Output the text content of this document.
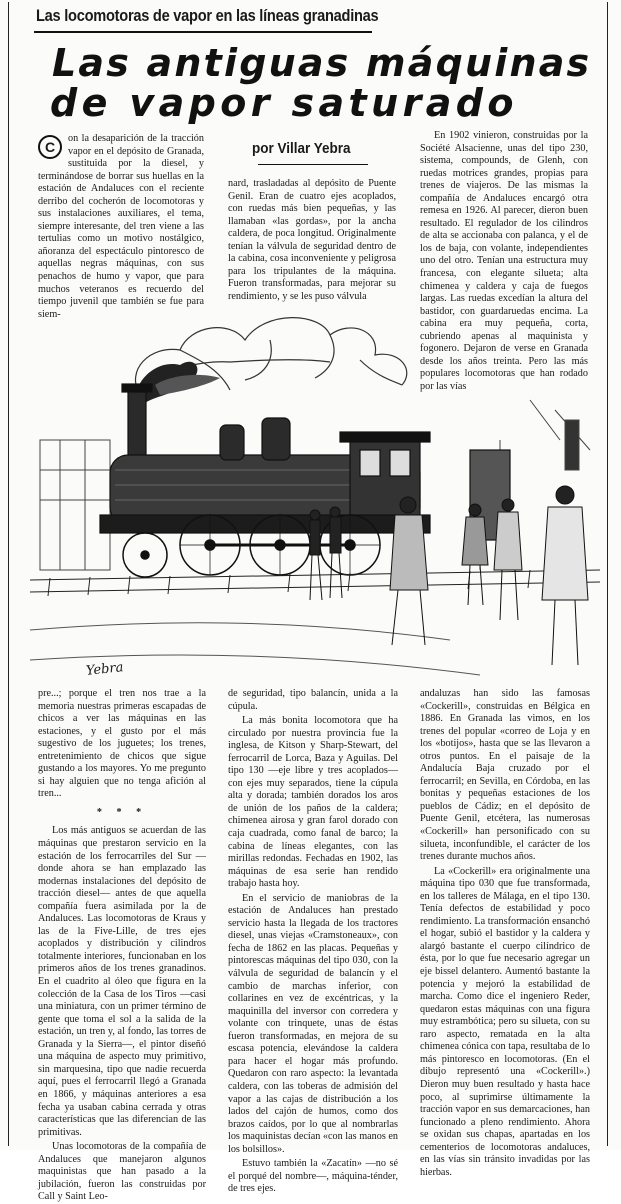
Las locomotoras de vapor en las líneas granadinas
Las antiguas máquinas
de vapor saturado

C
on la desaparición de la tracción vapor en el depósito de Granada, sustituida por la diesel, y terminándose de borrar sus huellas en la estación de Andaluces con el reciente derribo del cocherón de locomotoras y sus instalaciones auxiliares, el tema, siempre interesante, del tren viene a las tertulias como un motivo nostálgico, añoranza del espectáculo pintoresco de aquellas negras máquinas, con sus penachos de humo y vapor, que para muchos veteranos es recuerdo del tiempo juvenil que también se fue para siem-

por Villar Yebra

nard, trasladadas al depósito de Puente Genil. Eran de cuatro ejes acoplados, con ruedas más bien pequeñas, y las llamaban «las gordas», por la ancha caldera, de poca longitud. Originalmente tenían la válvula de seguridad dentro de la cabina, cosa inconveniente y peligrosa para los tripulantes de la máquina. Fueron transformadas, para mejorar su rendimiento, y se les puso válvula

En 1902 vinieron, construidas por la Société Alsacienne, unas del tipo 230, sistema, compounds, de Glenh, con ruedas motrices grandes, propias para trenes de viajeros. De las mismas la compañía de Andaluces encargó otra remesa en 1926. Al parecer, dieron buen resultado. El regulador de los cilindros de alta se accionaba con palanca, y el de los de baja, con volante, independientes uno del otro. Tenían una estructura muy francesa, con elegante silueta; alta chimenea y caldera y caja de fuegos largas. Las ruedas excedían la altura del bastidor, con guardaruedas encima. La cabina era muy pequeña, corta, cubriendo apenas al maquinista y fogonero. Dejaron de verse en Granada desde los años treinta. Pero las más populares locomotoras que han rodado por las vías

Yebra

pre...; porque el tren nos trae a la memoria nuestras primeras escapadas de chicos a ver las máquinas en las estaciones, y el gusto por el más sugestivo de los juguetes; los trenes, entretenimiento de chicos que sigue gustando a los mayores. Yo me pregunto si hay alguien que no tenga afición al tren...

* * *

Los más antiguos se acuerdan de las máquinas que prestaron servicio en la estación de los ferrocarriles del Sur —donde ahora se han emplazado las modernas instalaciones del depósito de tracción diesel— antes de que aquella compañía fuera asimilada por la de Andaluces. Las locomotoras de Kraus y las de la Five-Lille, de tres ejes acoplados y distribución y cilindros totalmente interiores, funcionaban en los primeros años de los trenes granadinos. En el cuadrito al óleo que figura en la colección de la Casa de los Tiros —casi una miniatura, con un primer término de gente que toma el sol a la salida de la estación, un tren y, al fondo, las torres de Granada y la Sierra—, el pintor diseñó una máquina de aspecto muy primitivo, sin marquesina, tipo que nadie recuerda aquí, pues el ferrocarril llegó a Granada en 1866, y máquinas anteriores a esa fecha ya usaban cabina cerrada y otras características que las diferencian de las primitivas.

Unas locomotoras de la compañía de Andaluces que manejaron algunos maquinistas que han pasado a la jubilación, fueron las construidas por Call y Saint Leo-

de seguridad, tipo balancín, unida a la cúpula.

La más bonita locomotora que ha circulado por nuestra provincia fue la inglesa, de Kitson y Sharp-Stewart, del ferrocarril de Lorca, Baza y Aguilas. Del tipo 130 —eje libre y tres acoplados— con ejes muy separados, tiene la cúpula alta y dorada; también dorados los aros de unión de los paños de la caldera; chimenea airosa y gran farol dorado con caja cuadrada, como fanal de barco; la cabina de líneas elegantes, con las mirillas redondas. Fechadas en 1902, las máquinas de esa serie han rendido trabajo hasta hoy.

En el servicio de maniobras de la estación de Andaluces han prestado servicio hasta la llegada de los tractores diesel, unas viejas «Cramstoneaux», con fecha de 1862 en las placas. Pequeñas y pintorescas máquinas del tipo 030, con la válvula de seguridad de balancín y el cambio de marchas inferior, con collarines en vez de excéntricas, y la maquinilla del inversor con corredera y volante con trinquete, unas de éstas fueron transformadas, en mejora de su escasa potencia, elevándose la caldera para hacer el hogar más profundo. Quedaron con raro aspecto: la levantada caldera, con las toberas de admisión del vapor a las cajas de distribución a los lados del cajón de humos, como dos brazos caídos, por lo que al nombrarlas los maquinistas decían «con las manos en los bolsillos».

Estuvo también la «Zacatín» —no sé el porqué del nombre—, máquina-ténder, de tres ejes.

andaluzas han sido las famosas «Cockerill», construidas en Bélgica en 1886. En Granada las vimos, en los trenes del popular «correo de Loja y en los «botijos», hasta que se las llevaron a otros puntos. En el paisaje de la Andalucía Baja cruzado por el ferrocarril; en Sevilla, en Córdoba, en las bonitas y pequeñas estaciones de los pueblos de Cádiz; en el depósito de Puente Genil, etcétera, las numerosas «Cockerill» han personificado con su silueta, inconfundible, el carácter de los trenes durante muchos años.

La «Cockerill» era originalmente una máquina tipo 030 que fue transformada, en los talleres de Málaga, en el tipo 130. Tenía defectos de estabilidad y poco rendimiento. La transformación ensanchó el hogar, subió el bastidor y la caldera y alargó bastante el cuerpo cilíndrico de ésta, por lo que fue necesario agregar un eje bissel delantero. Aumentó bastante la potencia y mejoró la estabilidad de marcha. Como dice el ingeniero Reder, quedaron estas máquinas con una figura muy estrambótica; pero su silueta, con su raro aspecto, rematada en la alta chimenea cónica con tapa, resultaba de lo más pintoresco en locomotoras. (En el dibujo representó una «Cockerill».) Dieron muy buen resultado y hasta hace poco, al suprimirse últimamente la tracción vapor en sus demarcaciones, han funcionado a pleno rendimiento. Ahora se oxidan sus chapas, apartadas en los cementerios de locomotoras andaluces, en las vías sin tránsito invadidas por las hierbas.
